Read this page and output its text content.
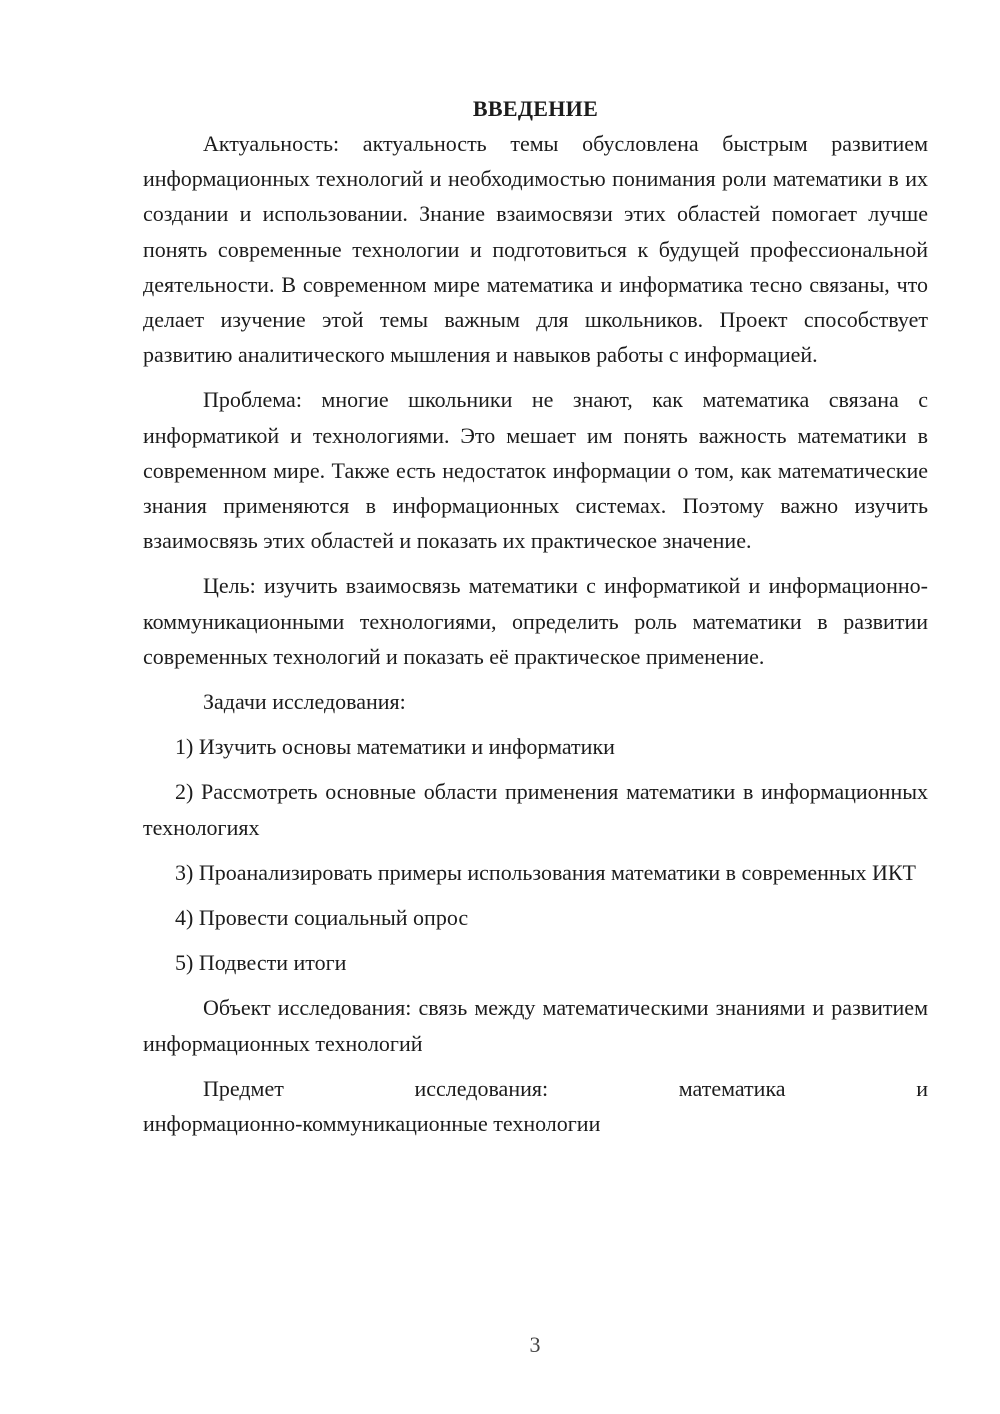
ВВЕДЕНИЕ

Актуальность: актуальность темы обусловлена быстрым развитием информационных технологий и необходимостью понимания роли математики в их создании и использовании. Знание взаимосвязи этих областей помогает лучше понять современные технологии и подготовиться к будущей профессиональной деятельности. В современном мире математика и информатика тесно связаны, что делает изучение этой темы важным для школьников. Проект способствует развитию аналитического мышления и навыков работы с информацией.

Проблема: многие школьники не знают, как математика связана с информатикой и технологиями. Это мешает им понять важность математики в современном мире. Также есть недостаток информации о том, как математические знания применяются в информационных системах. Поэтому важно изучить взаимосвязь этих областей и показать их практическое значение.

Цель: изучить взаимосвязь математики с информатикой и информационно-коммуникационными технологиями, определить роль математики в развитии современных технологий и показать её практическое применение.

Задачи исследования:

1) Изучить основы математики и информатики

2) Рассмотреть основные области применения математики в информационных технологиях

3) Проанализировать примеры использования математики в современных ИКТ

4) Провести социальный опрос

5) Подвести итоги

Объект исследования: связь между математическими знаниями и развитием информационных технологий

Предмет исследования: математика и

информационно-коммуникационные технологии

3
